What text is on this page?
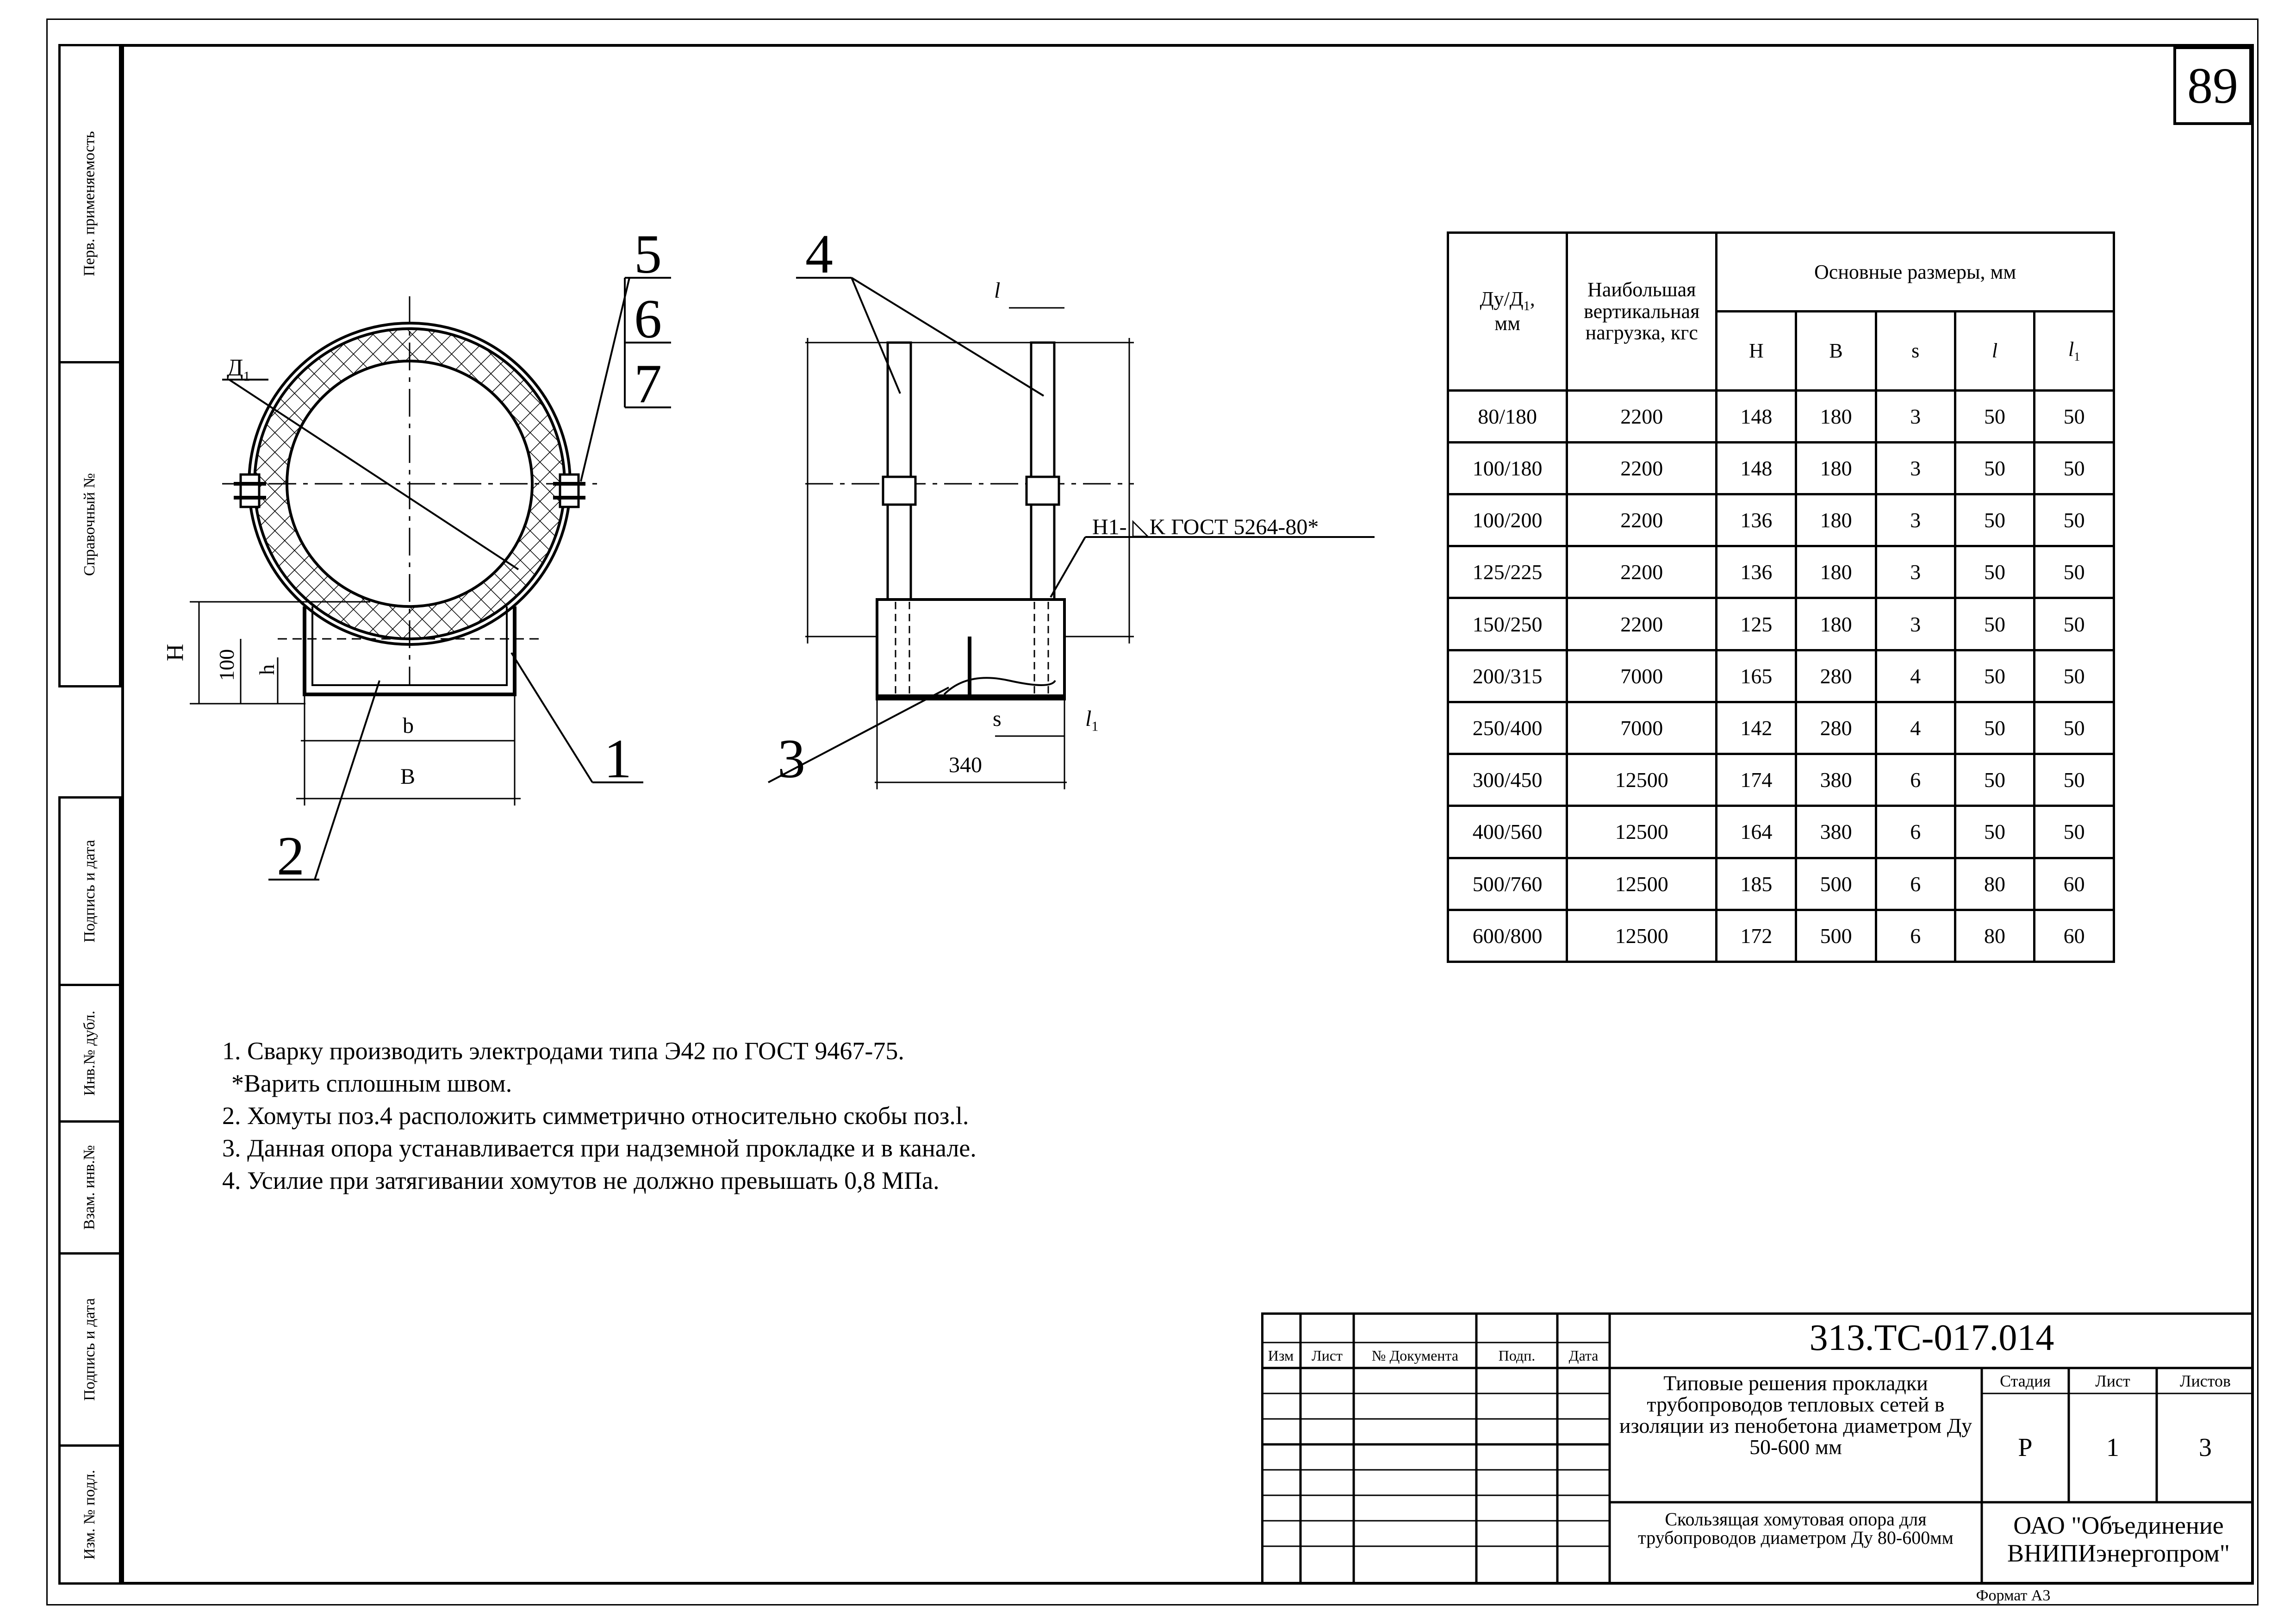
Перв. применяемость
Справочный №
Подпись и дата
Инв.№ дубл.
Взам. инв.№
Подпись и дата
Изм. № подл.
89
5
6
7
4
1
2
3
$Д_1$
H 100 h
b
B
l
H1- ◺K ГОСТ 5264-80*
s	$l_1$
340
$Ду/Д_1$,
мм	Наибольшая вертикальная нагрузка, кгс	Основные размеры, мм				
		H	B	s	l	$l_1$
80/180	2200	148	180	3	50	50
100/180	2200	148	180	3	50	50
100/200	2200	136	180	3	50	50
125/225	2200	136	180	3	50	50
150/250	2200	125	180	3	50	50
200/315	7000	165	280	4	50	50
250/400	7000	142	280	4	50	50
300/450	12500	174	380	6	50	50
400/560	12500	164	380	6	50	50
500/760	12500	185	500	6	80	60
600/800	12500	172	500	6	80	60
1. Сварку производить электродами типа Э42 по ГОСТ 9467-75.
*Варить сплошным швом.
2. Хомуты поз.4 расположить симметрично относительно скобы поз.l.
3. Данная опора устанавливается при надземной прокладке и в канале.
4. Усилие при затягивании хомутов не должно превышать 0,8 МПа.
Изм	Лист	№ Документа	Подп.	Дата	313.ТС-017.014
Типовые решения прокладки трубопроводов тепловых сетей в изоляции из пенобетона диаметром Ду 50-600 мм
Стадия	Лист	Листов
Р	1	3
Скользящая хомутовая опора для трубопроводов диаметром Ду 80-600мм	ОАО "Объединение ВНИПИэнергопром"
Формат А3
